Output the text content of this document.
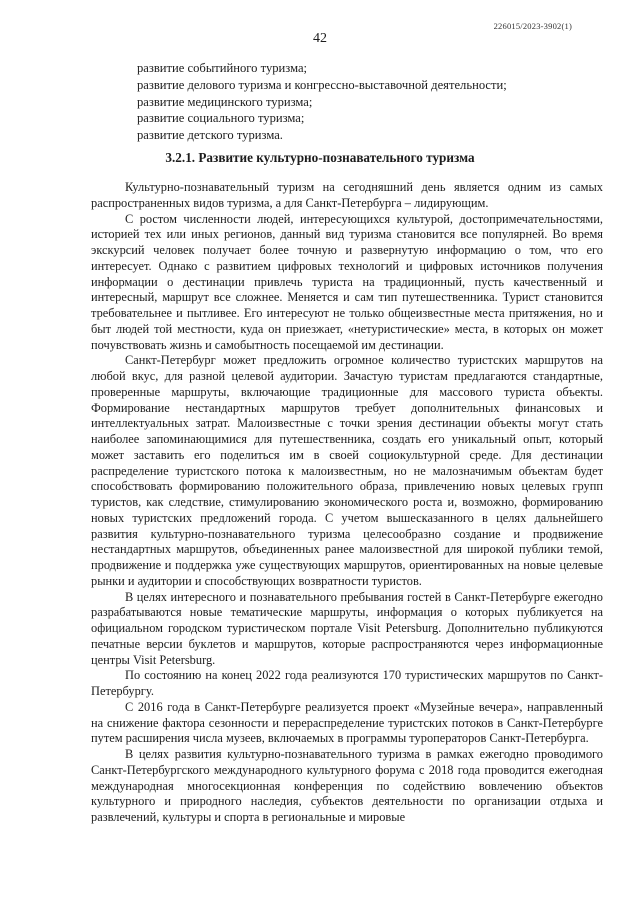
226015/2023-3902(1)
42
развитие событийного туризма;
развитие делового туризма и конгрессно-выставочной деятельности;
развитие медицинского туризма;
развитие социального туризма;
развитие детского туризма.
3.2.1. Развитие культурно-познавательного туризма

Культурно-познавательный туризм на сегодняшний день является одним из самых распространенных видов туризма, а для Санкт-Петербурга – лидирующим.

С ростом численности людей, интересующихся культурой, достопримечательностями, историей тех или иных регионов, данный вид туризма становится все популярней. Во время экскурсий человек получает более точную и развернутую информацию о том, что его интересует. Однако с развитием цифровых технологий и цифровых источников получения информации о дестинации привлечь туриста на традиционный, пусть качественный и интересный, маршрут все сложнее. Меняется и сам тип путешественника. Турист становится требовательнее и пытливее. Его интересуют не только общеизвестные места притяжения, но и быт людей той местности, куда он приезжает, «нетуристические» места, в которых он может почувствовать жизнь и самобытность посещаемой им дестинации.

Санкт-Петербург может предложить огромное количество туристских маршрутов на любой вкус, для разной целевой аудитории. Зачастую туристам предлагаются стандартные, проверенные маршруты, включающие традиционные для массового туриста объекты. Формирование нестандартных маршрутов требует дополнительных финансовых и интеллектуальных затрат. Малоизвестные с точки зрения дестинации объекты могут стать наиболее запоминающимися для путешественника, создать его уникальный опыт, который может заставить его поделиться им в своей социокультурной среде. Для дестинации распределение туристского потока к малоизвестным, но не малозначимым объектам будет способствовать формированию положительного образа, привлечению новых целевых групп туристов, как следствие, стимулированию экономического роста и, возможно, формированию новых туристских предложений города. С учетом вышесказанного в целях дальнейшего развития культурно-познавательного туризма целесообразно создание и продвижение нестандартных маршрутов, объединенных ранее малоизвестной для широкой публики темой, продвижение и поддержка уже существующих маршрутов, ориентированных на новые целевые рынки и аудитории и способствующих возвратности туристов.

В целях интересного и познавательного пребывания гостей в Санкт-Петербурге ежегодно разрабатываются новые тематические маршруты, информация о которых публикуется на официальном городском туристическом портале Visit Petersburg. Дополнительно публикуются печатные версии буклетов и маршрутов, которые распространяются через информационные центры Visit Petersburg.

По состоянию на конец 2022 года реализуются 170 туристических маршрутов по Санкт-Петербургу.

С 2016 года в Санкт-Петербурге реализуется проект «Музейные вечера», направленный на снижение фактора сезонности и перераспределение туристских потоков в Санкт-Петербурге путем расширения числа музеев, включаемых в программы туроператоров Санкт-Петербурга.

В целях развития культурно-познавательного туризма в рамках ежегодно проводимого Санкт-Петербургского международного культурного форума с 2018 года проводится ежегодная международная многосекционная конференция по содействию вовлечению объектов культурного и природного наследия, субъектов деятельности по организации отдыха и развлечений, культуры и спорта в региональные и мировые
